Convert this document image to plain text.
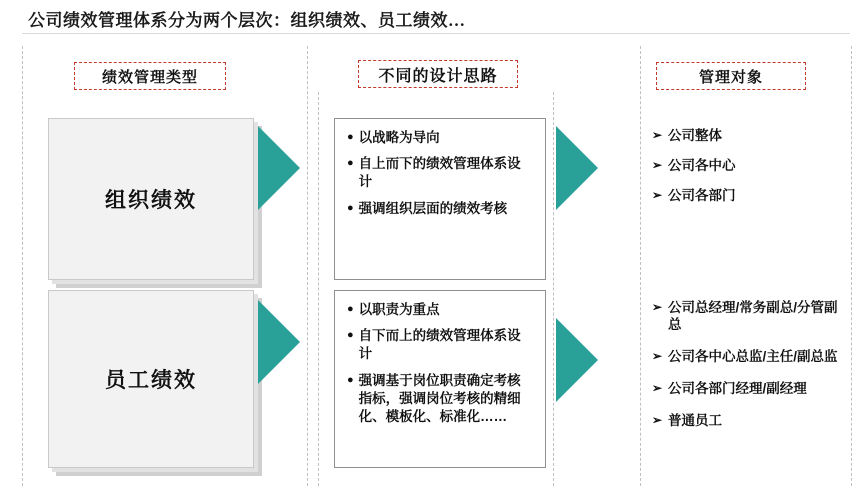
公司绩效管理体系分为两个层次：组织绩效、员工绩效…
绩效管理类型	不同的设计思路	管理对象
组织绩效
● 以战略为导向
● 自上而下的绩效管理体系设计
● 强调组织层面的绩效考核
➢ 公司整体
➢ 公司各中心
➢ 公司各部门
员工绩效
● 以职责为重点
● 自下而上的绩效管理体系设计
● 强调基于岗位职责确定考核指标，强调岗位考核的精细化、模板化、标准化……
➢ 公司总经理/常务副总/分管副总
➢ 公司各中心总监/主任/副总监
➢ 公司各部门经理/副经理
➢ 普通员工
